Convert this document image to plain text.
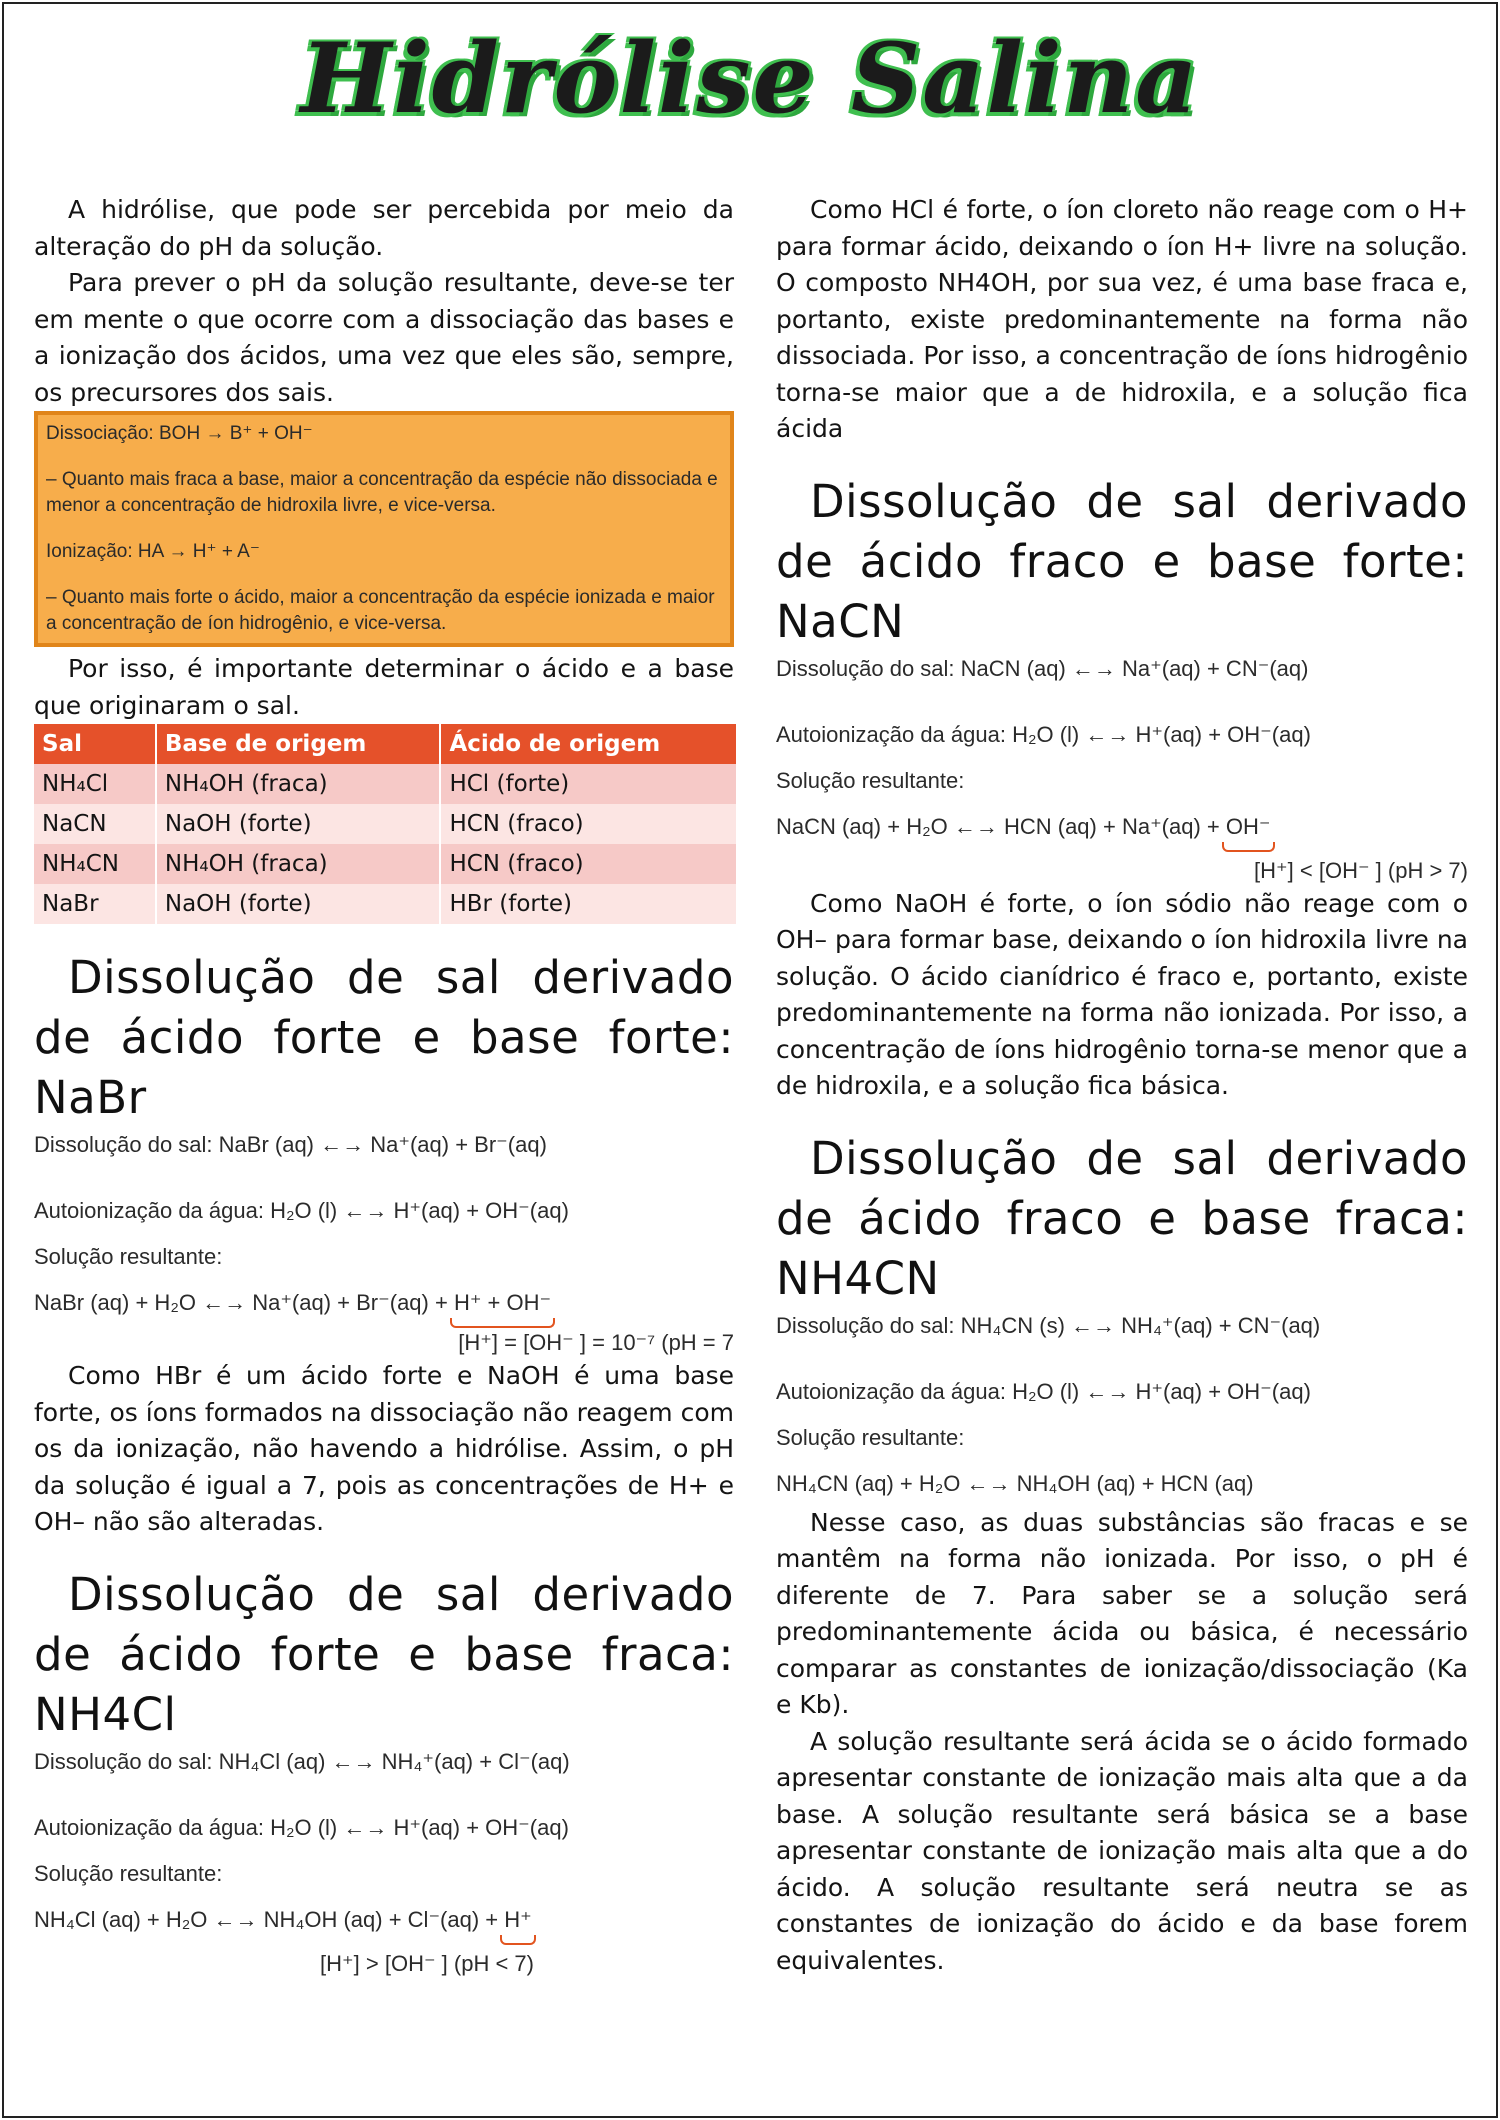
Hidrólise Salina

A hidrólise, que pode ser percebida por meio da alteração do pH da solução.

Para prever o pH da solução resultante, deve-se ter em mente o que ocorre com a dissociação das bases e a ionização dos ácidos, uma vez que eles são, sempre, os precursores dos sais.

Dissociação: BOH → B⁺ + OH⁻
– Quanto mais fraca a base, maior a concentração da espécie não dissociada e menor a concentração de hidroxila livre, e vice-versa.
Ionização: HA → H⁺ + A⁻
– Quanto mais forte o ácido, maior a concentração da espécie ionizada e maior a concentração de íon hidrogênio, e vice-versa.

Por isso, é importante determinar o ácido e a base que originaram o sal.

Sal	Base de origem	Ácido de origem
NH₄Cl	NH₄OH (fraca)	HCl (forte)
NaCN	NaOH (forte)	HCN (fraco)
NH₄CN	NH₄OH (fraca)	HCN (fraco)
NaBr	NaOH (forte)	HBr (forte)
Dissolução de sal derivado de ácido forte e base forte: NaBr
Dissolução do sal: NaBr (aq) ←→ Na⁺(aq) + Br⁻(aq)
Autoionização da água: H₂O (l) ←→ H⁺(aq) + OH⁻(aq)
Solução resultante:
NaBr (aq) + H₂O ←→ Na⁺(aq) + Br⁻(aq) + H⁺ + OH⁻
[H⁺] = [OH⁻ ] = 10⁻⁷ (pH = 7

Como HBr é um ácido forte e NaOH é uma base forte, os íons formados na dissociação não reagem com os da ionização, não havendo a hidrólise. Assim, o pH da solução é igual a 7, pois as concentrações de H+ e OH– não são alteradas.

Dissolução de sal derivado de ácido forte e base fraca: NH4Cl
Dissolução do sal: NH₄Cl (aq) ←→ NH₄⁺(aq) + Cl⁻(aq)
Autoionização da água: H₂O (l) ←→ H⁺(aq) + OH⁻(aq)
Solução resultante:
NH₄Cl (aq) + H₂O ←→ NH₄OH (aq) + Cl⁻(aq) + H⁺
[H⁺] > [OH⁻ ] (pH < 7)

Como HCl é forte, o íon cloreto não reage com o H+ para formar ácido, deixando o íon H+ livre na solução. O composto NH4OH, por sua vez, é uma base fraca e, portanto, existe predominantemente na forma não dissociada. Por isso, a concentração de íons hidrogênio torna-se maior que a de hidroxila, e a solução fica ácida

Dissolução de sal derivado de ácido fraco e base forte: NaCN
Dissolução do sal: NaCN (aq) ←→ Na⁺(aq) + CN⁻(aq)
Autoionização da água: H₂O (l) ←→ H⁺(aq) + OH⁻(aq)
Solução resultante:
NaCN (aq) + H₂O ←→ HCN (aq) + Na⁺(aq) + OH⁻
[H⁺] < [OH⁻ ] (pH > 7)

Como NaOH é forte, o íon sódio não reage com o OH– para formar base, deixando o íon hidroxila livre na solução. O ácido cianídrico é fraco e, portanto, existe predominantemente na forma não ionizada. Por isso, a concentração de íons hidrogênio torna-se menor que a de hidroxila, e a solução fica básica.

Dissolução de sal derivado de ácido fraco e base fraca: NH4CN
Dissolução do sal: NH₄CN (s) ←→ NH₄⁺(aq) + CN⁻(aq)
Autoionização da água: H₂O (l) ←→ H⁺(aq) + OH⁻(aq)
Solução resultante:
NH₄CN (aq) + H₂O ←→ NH₄OH (aq) + HCN (aq)

Nesse caso, as duas substâncias são fracas e se mantêm na forma não ionizada. Por isso, o pH é diferente de 7. Para saber se a solução será predominantemente ácida ou básica, é necessário comparar as constantes de ionização/dissociação (Ka e Kb).

A solução resultante será ácida se o ácido formado apresentar constante de ionização mais alta que a da base. A solução resultante será básica se a base apresentar constante de ionização mais alta que a do ácido. A solução resultante será neutra se as constantes de ionização do ácido e da base forem equivalentes.
